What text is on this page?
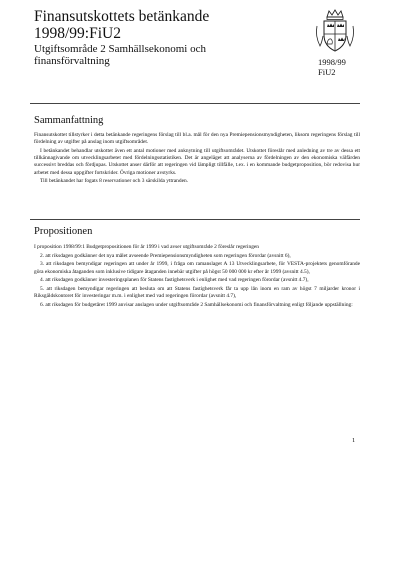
Finansutskottets betänkande
1998/99:FiU2
Utgiftsområde 2 Samhällsekonomi och
finansförvaltning	1998/99
FiU2
Sammanfattning

Finansutskottet tillstyrker i detta betänkande regeringens förslag till bl.a. mål för den nya Premiepensionsmyndigheten, liksom regeringens förslag till fördelning av utgifter på anslag inom utgiftsområdet.

I betänkandet behandlar utskottet även ett antal motioner med anknytning till utgiftsområdet. Utskottet föreslår med anledning av tre av dessa ett tillkännagivande om utvecklingsarbetet med fördelningsstatistiken. Det är angeläget att analyserna av fördelningen av den ekonomiska välfärden successivt breddas och fördjupas. Utskottet anser därför att regeringen vid lämpligt tillfälle, t.ex. i en kommande budgetproposition, bör redovisa hur arbetet med dessa uppgifter fortskrider. Övriga motioner avstyrks.

Till betänkandet har fogats 8 reservationer och 3 särskilda yttranden.

Propositionen

I proposition 1998/99:1 Budgetpropositionen för år 1999 i vad avser utgiftsområde 2 föreslår regeringen

2. att riksdagen godkänner det nya målet avseende Premiepensionsmyndigheten som regeringen förordar (avsnitt 6),

3. att riksdagen bemyndigar regeringen att under år 1999, i fråga om ramanslaget A 13 Utvecklingsarbete, för VESTA-projektets genomförande göra ekonomiska åtaganden som inklusive tidigare åtaganden innebär utgifter på högst 50 000 000 kr efter år 1999 (avsnitt 4.5),

4. att riksdagen godkänner investeringsplanen för Statens fastighetsverk i enlighet med vad regeringen förordar (avsnitt 4.7),

5. att riksdagen bemyndigar regeringen att besluta om att Statens fastighetsverk får ta upp lån inom en ram av högst 7 miljarder kronor i Riksgäldskontoret för investeringar m.m. i enlighet med vad regeringen förordar (avsnitt 4.7),

6. att riksdagen för budgetåret 1999 anvisar anslagen under utgiftsområde 2 Samhällsekonomi och finansförvaltning enligt följande uppställning:

1
